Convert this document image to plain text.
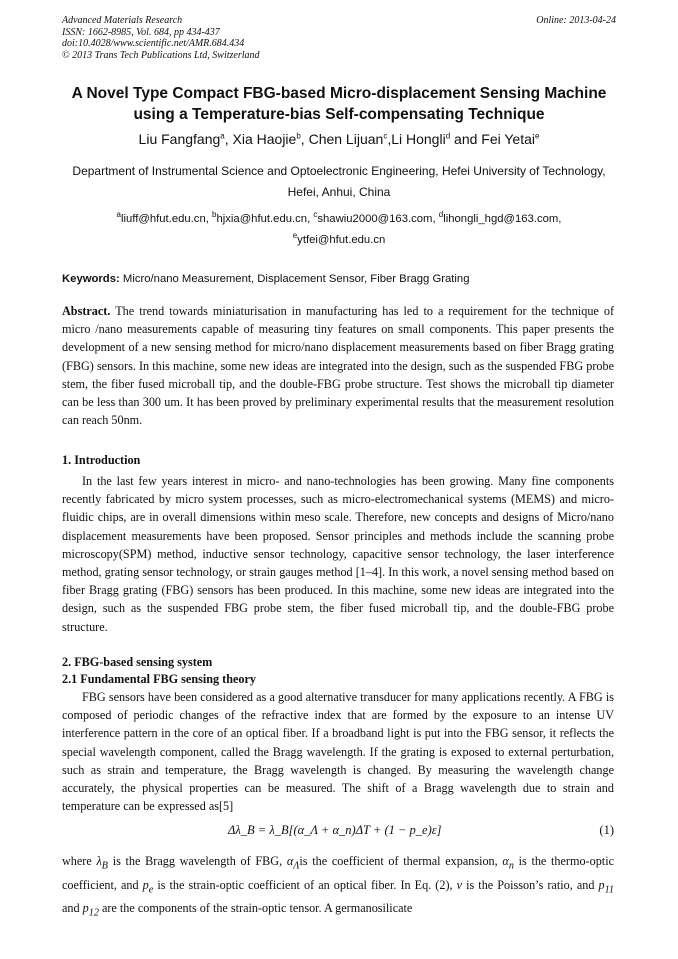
Advanced Materials Research
ISSN: 1662-8985, Vol. 684, pp 434-437
doi:10.4028/www.scientific.net/AMR.684.434
© 2013 Trans Tech Publications Ltd, Switzerland
Online: 2013-04-24
A Novel Type Compact FBG-based Micro-displacement Sensing Machine
using a Temperature-bias Self-compensating Technique
Liu Fangfang$^a$, Xia Haojie$^b$, Chen Lijuan$^c$,Li Hongli$^d$ and Fei Yetai$^e$
Department of Instrumental Science and Optoelectronic Engineering, Hefei University of Technology, Hefei, Anhui, China
$^a$liuff@hfut.edu.cn, $^b$hjxia@hfut.edu.cn, $^c$shawiu2000@163.com, $^d$lihongli_hgd@163.com,
$^e$ytfei@hfut.edu.cn
Keywords: Micro/nano Measurement, Displacement Sensor, Fiber Bragg Grating
Abstract. The trend towards miniaturisation in manufacturing has led to a requirement for the technique of micro /nano measurements capable of measuring tiny features on small components. This paper presents the development of a new sensing method for micro/nano displacement measurements based on fiber Bragg grating (FBG) sensors. In this machine, some new ideas are integrated into the design, such as the suspended FBG probe stem, the fiber fused microball tip, and the double-FBG probe structure. Test shows the microball tip diameter can be less than 300 um. It has been proved by preliminary experimental results that the measurement resolution can reach 50nm.
1. Introduction
In the last few years interest in micro- and nano-technologies has been growing. Many fine components recently fabricated by micro system processes, such as micro-electromechanical systems (MEMS) and micro-fluidic chips, are in overall dimensions within meso scale. Therefore, new concepts and designs of Micro/nano displacement measurements have been proposed. Sensor principles and methods include the scanning probe microscopy(SPM) method, inductive sensor technology, capacitive sensor technology, the laser interference method, grating sensor technology, or strain gauges method [1–4]. In this work, a novel sensing method based on fiber Bragg grating (FBG) sensors has been produced. In this machine, some new ideas are integrated into the design, such as the suspended FBG probe stem, the fiber fused microball tip, and the double-FBG probe structure.
2. FBG-based sensing system
2.1 Fundamental FBG sensing theory
FBG sensors have been considered as a good alternative transducer for many applications recently. A FBG is composed of periodic changes of the refractive index that are formed by the exposure to an intense UV interference pattern in the core of an optical fiber. If a broadband light is put into the FBG sensor, it reflects the special wavelength component, called the Bragg wavelength. If the grating is exposed to external perturbation, such as strain and temperature, the Bragg wavelength is changed. By measuring the wavelength change accurately, the physical properties can be measured. The shift of a Bragg wavelength due to strain and temperature can be expressed as[5]
Δλ_B = λ_B[(α_Λ + α_n)ΔT + (1 − p_e)ε]	(1)
where $\lambda_B$ is the Bragg wavelength of FBG, $\alpha_\Lambda is$ the coefficient of thermal expansion, $\alpha_n$ is the thermo-optic coefficient, and $p_e$ is the strain-optic coefficient of an optical fiber. In Eq. (2), ν is the Poisson’s ratio, and $p_{11}$ and $p_{12}$ are the components of the strain-optic tensor. A germanosilicate
